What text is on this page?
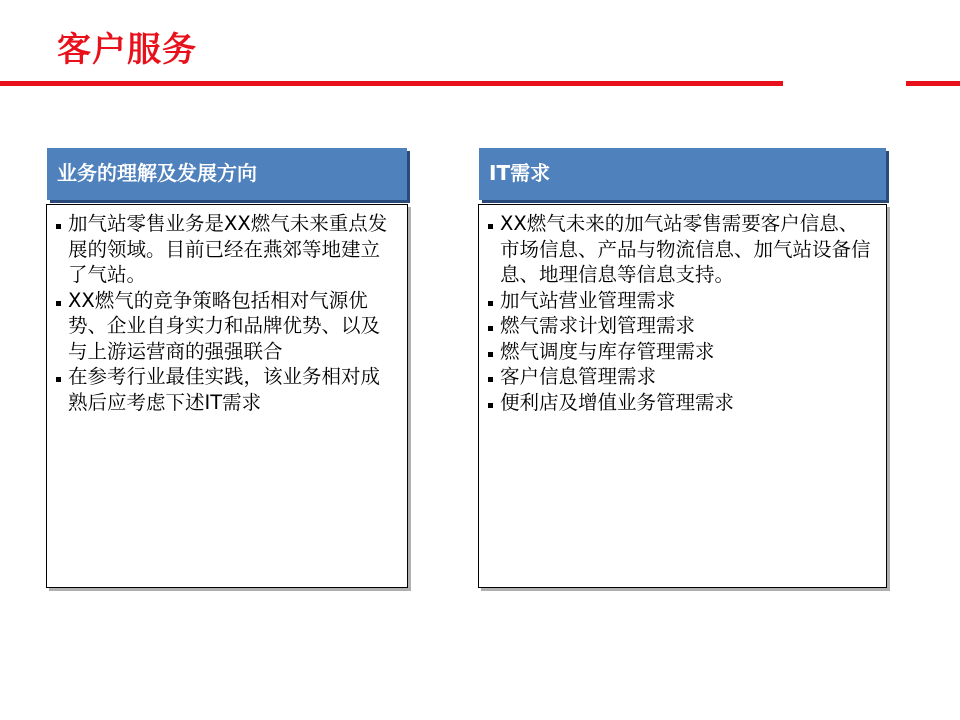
客户服务
业务的理解及发展方向
加气站零售业务是XX燃气未来重点发展的领域。目前已经在燕郊等地建立了气站。
XX燃气的竞争策略包括相对气源优势、企业自身实力和品牌优势、以及与上游运营商的强强联合
在参考行业最佳实践，该业务相对成熟后应考虑下述IT需求
IT需求
XX燃气未来的加气站零售需要客户信息、市场信息、产品与物流信息、加气站设备信息、地理信息等信息支持。
加气站营业管理需求
燃气需求计划管理需求
燃气调度与库存管理需求
客户信息管理需求
便利店及增值业务管理需求
